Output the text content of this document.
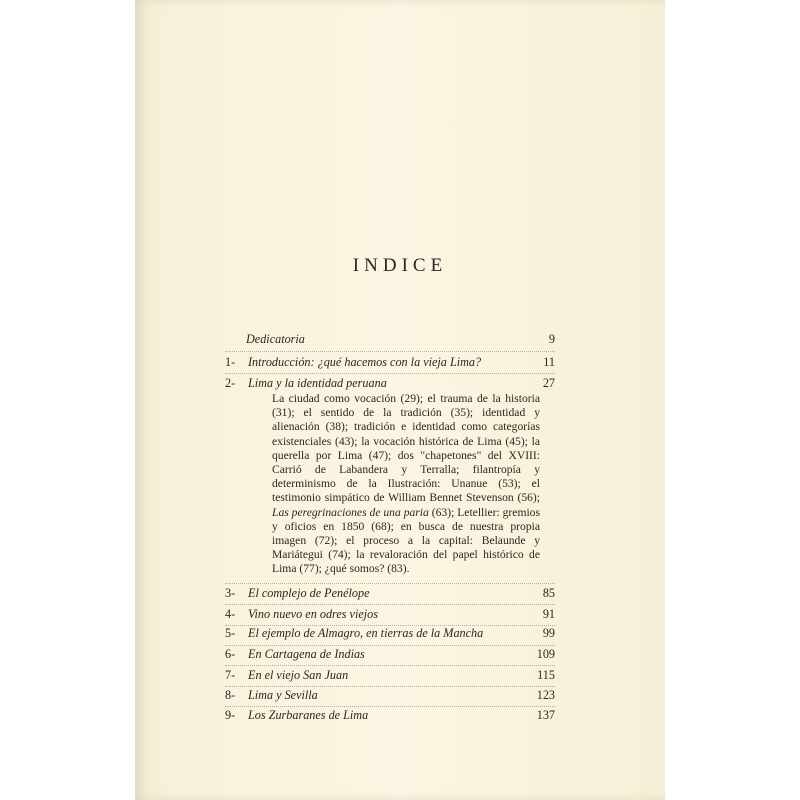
INDICE
Dedicatoria	9
1- Introducción: ¿qué hacemos con la vieja Lima?	11
2- Lima y la identidad peruana	27
La ciudad como vocación (29); el trauma de la historia (31); el sentido de la tradición (35); identidad y alienación (38); tradición e identidad como categorías existenciales (43); la vocación histórica de Lima (45); la querella por Lima (47); dos "chapetones" del XVIII: Carrió de Labandera y Terralla; filantropía y determinismo de la Ilustración: Unanue (53); el testimonio simpático de William Bennet Stevenson (56); Las peregrinaciones de una paria (63); Letellier: gremios y oficios en 1850 (68); en busca de nuestra propia imagen (72); el proceso a la capital: Belaunde y Mariátegui (74); la revaloración del papel histórico de Lima (77); ¿qué somos? (83).
3- El complejo de Penélope	85
4- Vino nuevo en odres viejos	91
5- El ejemplo de Almagro, en tierras de la Mancha	99
6- En Cartagena de Indias	109
7- En el viejo San Juan	115
8- Lima y Sevilla	123
9- Los Zurbaranes de Lima	137
